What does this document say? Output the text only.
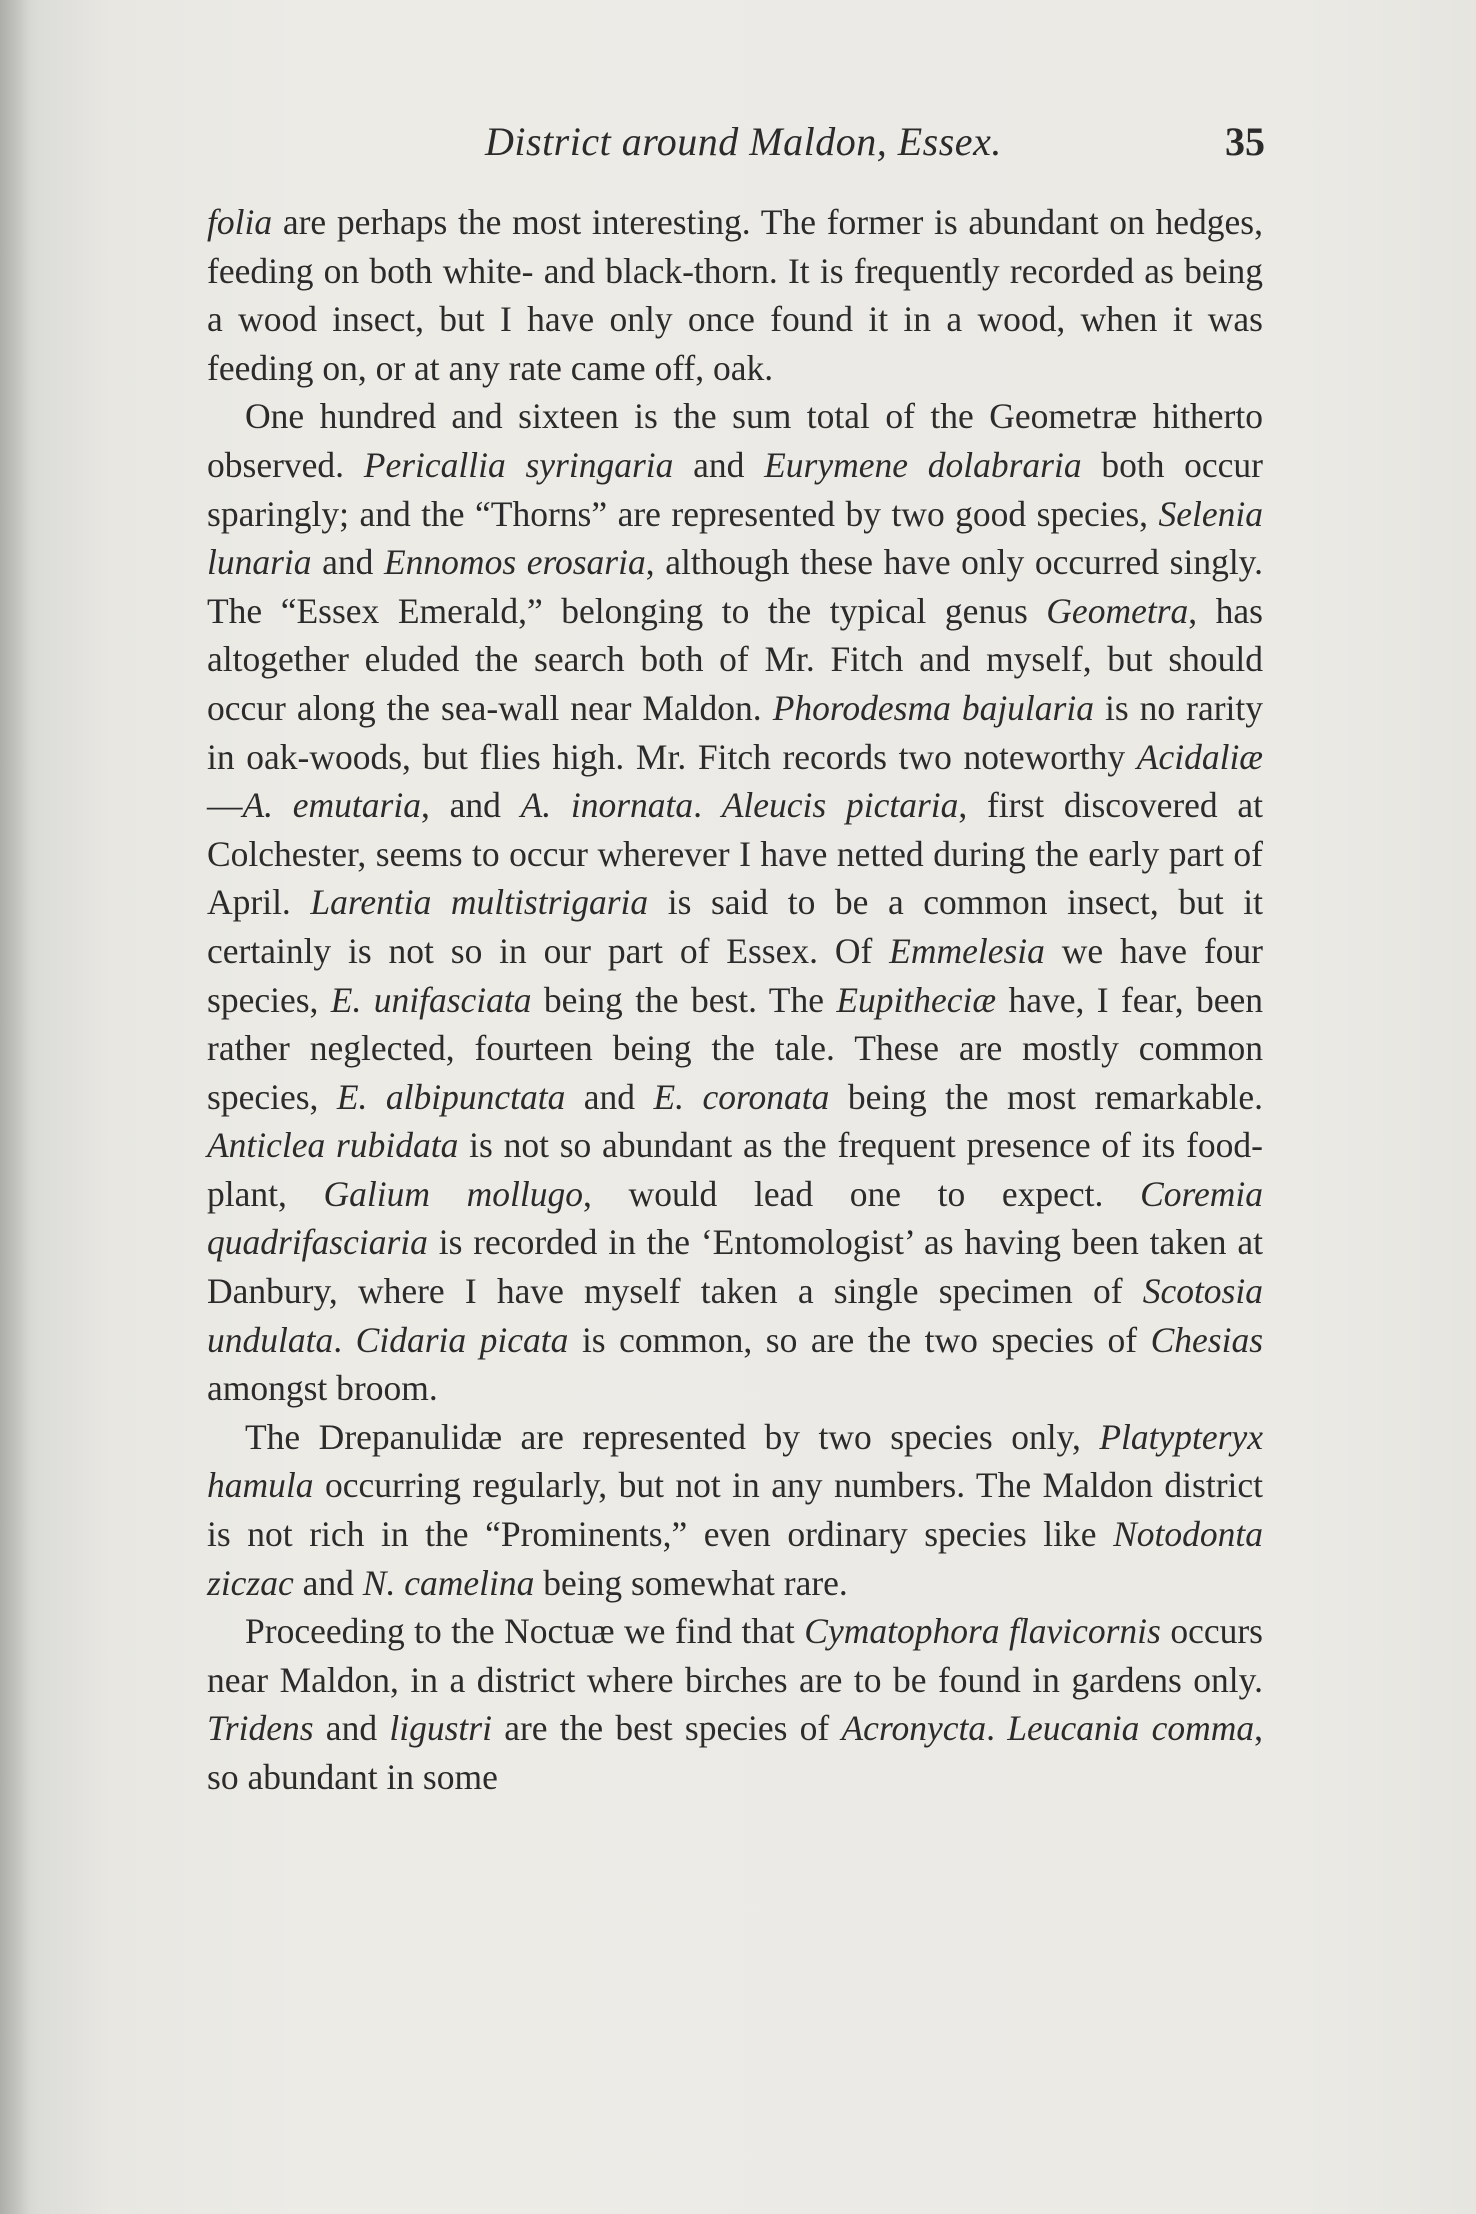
District around Maldon, Essex.	35

folia are perhaps the most interesting. The former is abundant on hedges, feeding on both white- and black-thorn. It is frequently recorded as being a wood insect, but I have only once found it in a wood, when it was feeding on, or at any rate came off, oak.

One hundred and sixteen is the sum total of the Geometræ hitherto observed. Pericallia syringaria and Eurymene dolabraria both occur sparingly; and the “Thorns” are represented by two good species, Selenia lunaria and Ennomos erosaria, although these have only occurred singly. The “Essex Emerald,” belonging to the typical genus Geometra, has altogether eluded the search both of Mr. Fitch and myself, but should occur along the sea-wall near Maldon. Phorodesma bajularia is no rarity in oak-woods, but flies high. Mr. Fitch records two noteworthy Acidaliæ—A. emutaria, and A. inornata. Aleucis pictaria, first discovered at Colchester, seems to occur wherever I have netted during the early part of April. Larentia multistrigaria is said to be a common insect, but it certainly is not so in our part of Essex. Of Emmelesia we have four species, E. unifasciata being the best. The Eupitheciæ have, I fear, been rather neglected, fourteen being the tale. These are mostly common species, E. albipunctata and E. coronata being the most remarkable. Anticlea rubidata is not so abundant as the frequent presence of its food-plant, Galium mollugo, would lead one to expect. Coremia quadrifasciaria is recorded in the ‘Entomologist’ as having been taken at Danbury, where I have myself taken a single specimen of Scotosia undulata. Cidaria picata is common, so are the two species of Chesias amongst broom.

The Drepanulidæ are represented by two species only, Platypteryx hamula occurring regularly, but not in any numbers. The Maldon district is not rich in the “Prominents,” even ordinary species like Notodonta ziczac and N. camelina being somewhat rare.

Proceeding to the Noctuæ we find that Cymatophora flavicornis occurs near Maldon, in a district where birches are to be found in gardens only. Tridens and ligustri are the best species of Acronycta. Leucania comma, so abundant in some
